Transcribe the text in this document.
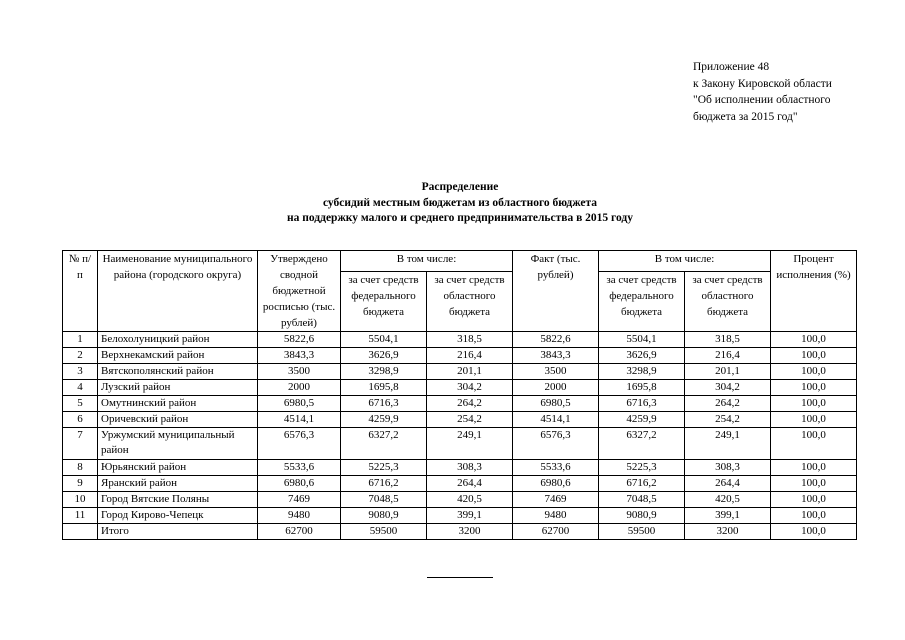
Приложение 48
к Закону Кировской области
"Об исполнении областного
бюджета за 2015 год"
Распределение
субсидий местным бюджетам из областного бюджета
на поддержку малого и среднего предпринимательства в 2015 году
№ п/п	Наименование муниципального района (городского округа)	Утверждено сводной бюджетной росписью (тыс. рублей)	В том числе:		Факт (тыс. рублей)	В том числе:		Процент исполнения (%)
			за счет средств федерального бюджета	за счет средств областного бюджета		за счет средств федерального бюджета	за счет средств областного бюджета	
1	Белохолуницкий район	5822,6	5504,1	318,5	5822,6	5504,1	318,5	100,0
2	Верхнекамский район	3843,3	3626,9	216,4	3843,3	3626,9	216,4	100,0
3	Вятскополянский район	3500	3298,9	201,1	3500	3298,9	201,1	100,0
4	Лузский район	2000	1695,8	304,2	2000	1695,8	304,2	100,0
5	Омутнинский район	6980,5	6716,3	264,2	6980,5	6716,3	264,2	100,0
6	Оричевский район	4514,1	4259,9	254,2	4514,1	4259,9	254,2	100,0
7	Уржумский муниципальный район	6576,3	6327,2	249,1	6576,3	6327,2	249,1	100,0
8	Юрьянский район	5533,6	5225,3	308,3	5533,6	5225,3	308,3	100,0
9	Яранский район	6980,6	6716,2	264,4	6980,6	6716,2	264,4	100,0
10	Город Вятские Поляны	7469	7048,5	420,5	7469	7048,5	420,5	100,0
11	Город Кирово-Чепецк	9480	9080,9	399,1	9480	9080,9	399,1	100,0
	Итого	62700	59500	3200	62700	59500	3200	100,0
